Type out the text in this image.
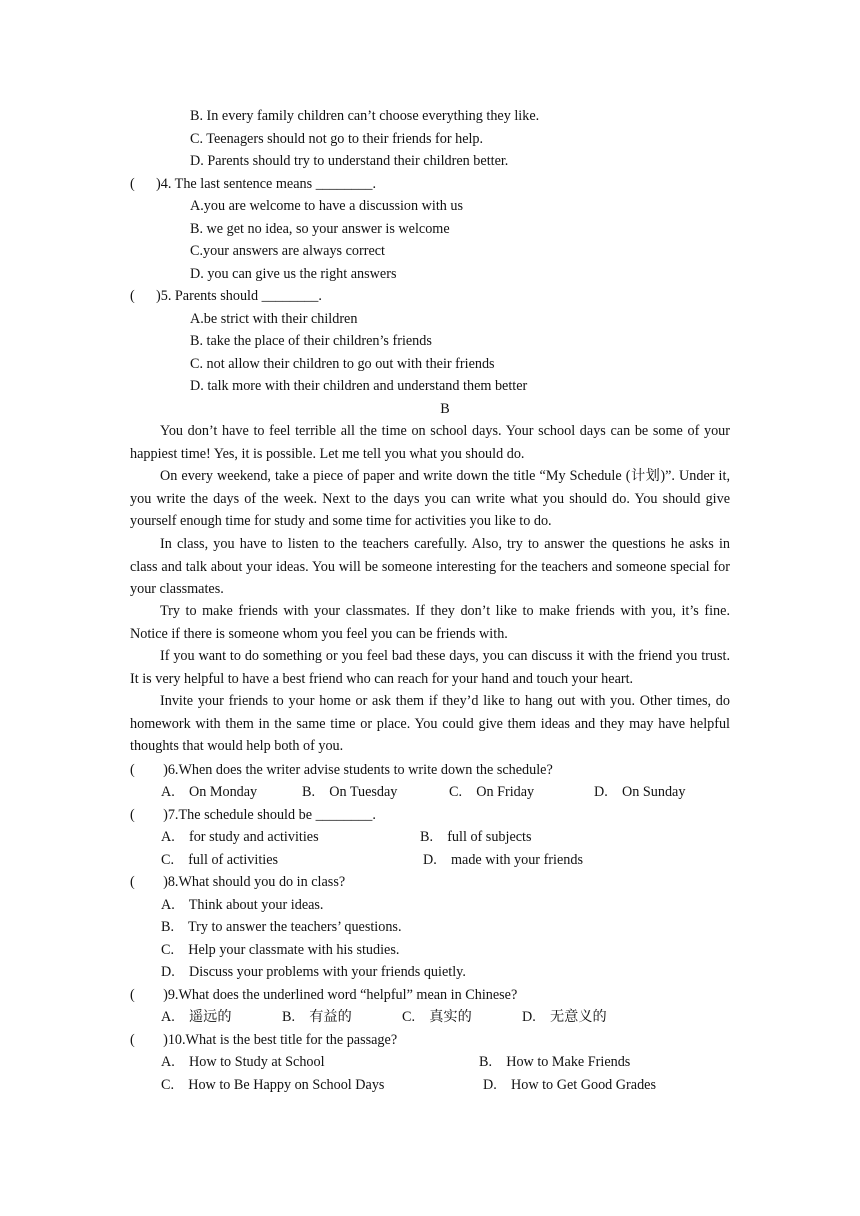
B. In every family children can’t choose everything they like.
C. Teenagers should not go to their friends for help.
D. Parents should try to understand their children better.
(      )4. The last sentence means ________.
A.you are welcome to have a discussion with us
B. we get no idea, so your answer is welcome
C.your answers are always correct
D. you can give us the right answers
(      )5. Parents should ________.
A.be strict with their children
B. take the place of their children’s friends
C. not allow their children to go out with their friends
D. talk more with their children and understand them better
B
You don’t have to feel terrible all the time on school days. Your school days can be some of your happiest time! Yes, it is possible. Let me tell you what you should do.
On every weekend, take a piece of paper and write down the title “My Schedule (计划)”. Under it, you write the days of the week. Next to the days you can write what you should do. You should give yourself enough time for study and some time for activities you like to do.
In class, you have to listen to the teachers carefully. Also, try to answer the questions he asks in class and talk about your ideas. You will be someone interesting for the teachers and someone special for your classmates.
Try to make friends with your classmates. If they don’t like to make friends with you, it’s fine. Notice if there is someone whom you feel you can be friends with.
If you want to do something or you feel bad these days, you can discuss it with the friend you trust. It is very helpful to have a best friend who can reach for your hand and touch your heart.
Invite your friends to your home or ask them if they’d like to hang out with you. Other times, do homework with them in the same time or place. You could give them ideas and they may have helpful thoughts that would help both of you.
(        )6.When does the writer advise students to write down the schedule?
A.    On Monday	B.    On Tuesday	C.    On Friday	D.    On Sunday
(        )7.The schedule should be ________.
A.    for study and activities	B.    full of subjects
C.    full of activities	D.    made with your friends
(        )8.What should you do in class?
A.    Think about your ideas.
B.    Try to answer the teachers’ questions.
C.    Help your classmate with his studies.
D.    Discuss your problems with your friends quietly.
(        )9.What does the underlined word “helpful” mean in Chinese?
A.    遥远的	B.    有益的	C.    真实的	D.    无意义的
(        )10.What is the best title for the passage?
A.    How to Study at School	B.    How to Make Friends
C.    How to Be Happy on School Days	D.    How to Get Good Grades
